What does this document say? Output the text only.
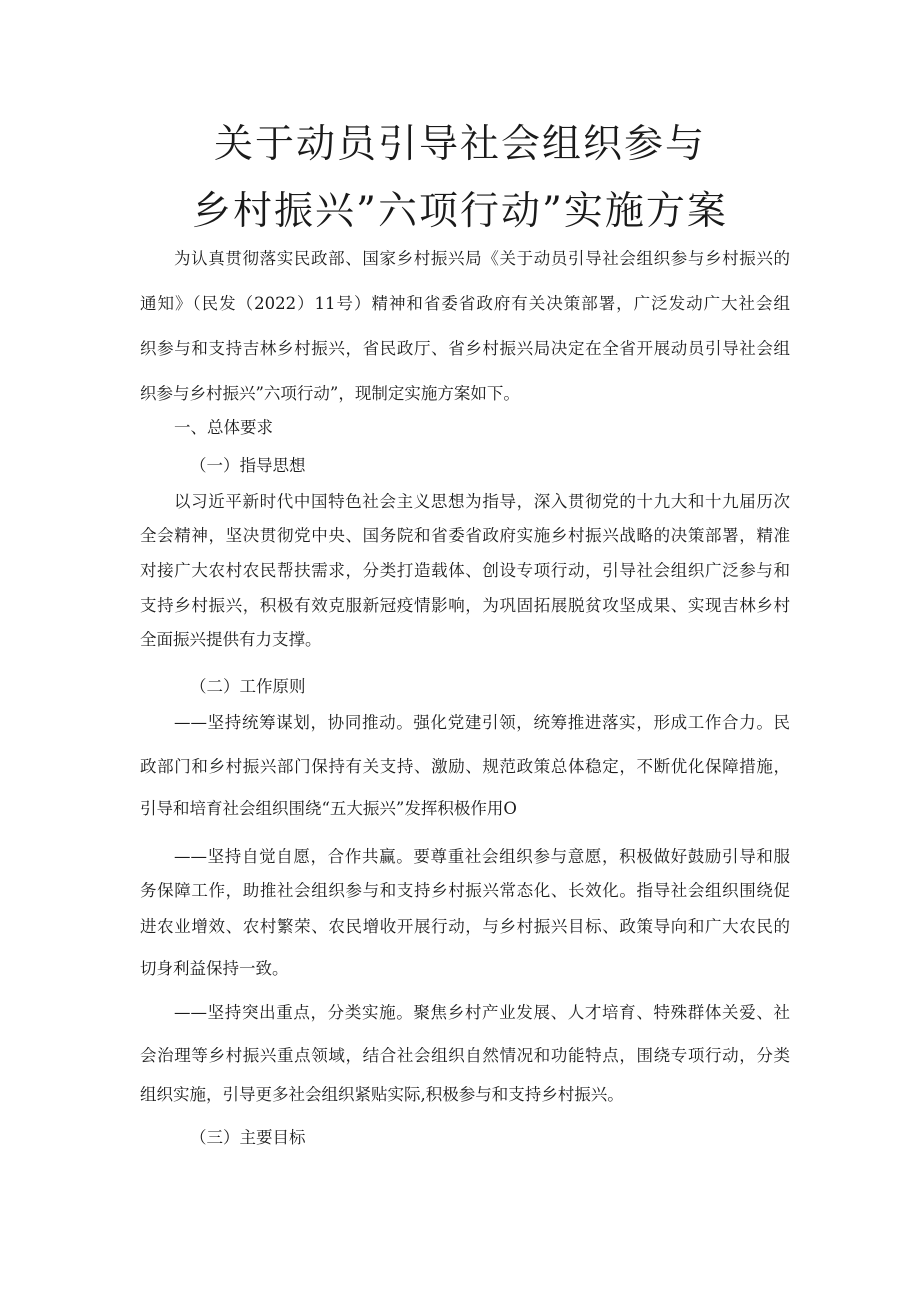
关于动员引导社会组织参与
乡村振兴”六项行动”实施方案

为认真贯彻落实民政部、国家乡村振兴局《关于动员引导社会组织参与乡村振兴的

通知》（民发（2022）11号）精神和省委省政府有关决策部署，广泛发动广大社会组

织参与和支持吉林乡村振兴，省民政厅、省乡村振兴局决定在全省开展动员引导社会组

织参与乡村振兴”六项行动”，现制定实施方案如下。

一、总体要求

（一）指导思想

以习近平新时代中国特色社会主义思想为指导，深入贯彻党的十九大和十九届历次

全会精神，坚决贯彻党中央、国务院和省委省政府实施乡村振兴战略的决策部署，精准

对接广大农村农民帮扶需求，分类打造载体、创设专项行动，引导社会组织广泛参与和

支持乡村振兴，积极有效克服新冠疫情影响，为巩固拓展脱贫攻坚成果、实现吉林乡村

全面振兴提供有力支撑。

（二）工作原则

——坚持统筹谋划，协同推动。强化党建引领，统筹推进落实，形成工作合力。民

政部门和乡村振兴部门保持有关支持、激励、规范政策总体稳定，不断优化保障措施，

引导和培育社会组织围绕“五大振兴”发挥积极作用O

——坚持自觉自愿，合作共赢。要尊重社会组织参与意愿，积极做好鼓励引导和服

务保障工作，助推社会组织参与和支持乡村振兴常态化、长效化。指导社会组织围绕促

进农业增效、农村繁荣、农民增收开展行动，与乡村振兴目标、政策导向和广大农民的

切身利益保持一致。

——坚持突出重点，分类实施。聚焦乡村产业发展、人才培育、特殊群体关爱、社

会治理等乡村振兴重点领域，结合社会组织自然情况和功能特点，围绕专项行动，分类

组织实施，引导更多社会组织紧贴实际,积极参与和支持乡村振兴。

（三）主要目标
